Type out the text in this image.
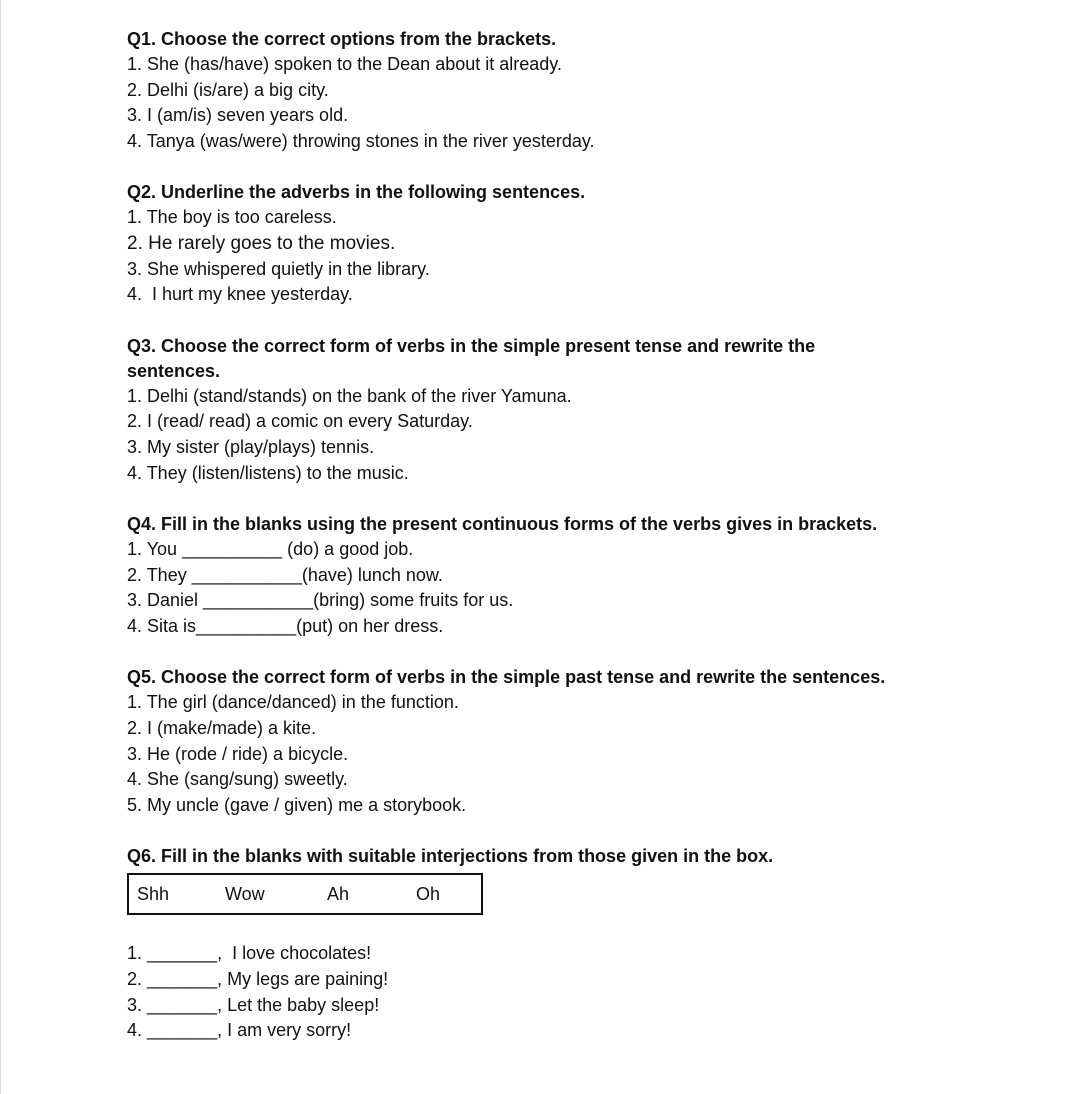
Q1. Choose the correct options from the brackets.

1. She (has/have) spoken to the Dean about it already.

2. Delhi (is/are) a big city.

3. I (am/is) seven years old.

4. Tanya (was/were) throwing stones in the river yesterday.

Q2. Underline the adverbs in the following sentences.

1. The boy is too careless.

2. He rarely goes to the movies.

3. She whispered quietly in the library.

4.  I hurt my knee yesterday.

Q3. Choose the correct form of verbs in the simple present tense and rewrite the sentences.

1. Delhi (stand/stands) on the bank of the river Yamuna.

2. I (read/ read) a comic on every Saturday.

3. My sister (play/plays) tennis.

4. They (listen/listens) to the music.

Q4. Fill in the blanks using the present continuous forms of the verbs gives in brackets.

1. You __________ (do) a good job.

2. They ___________(have) lunch now.

3. Daniel ___________(bring) some fruits for us.

4. Sita is__________(put) on her dress.

Q5. Choose the correct form of verbs in the simple past tense and rewrite the sentences.

1. The girl (dance/danced) in the function.

2. I (make/made) a kite.

3. He (rode / ride) a bicycle.

4. She (sang/sung) sweetly.

5. My uncle (gave / given) me a storybook.

Q6. Fill in the blanks with suitable interjections from those given in the box.

Shh	Wow	Ah	Oh

1. _______,  I love chocolates!

2. _______, My legs are paining!

3. _______, Let the baby sleep!

4. _______, I am very sorry!
